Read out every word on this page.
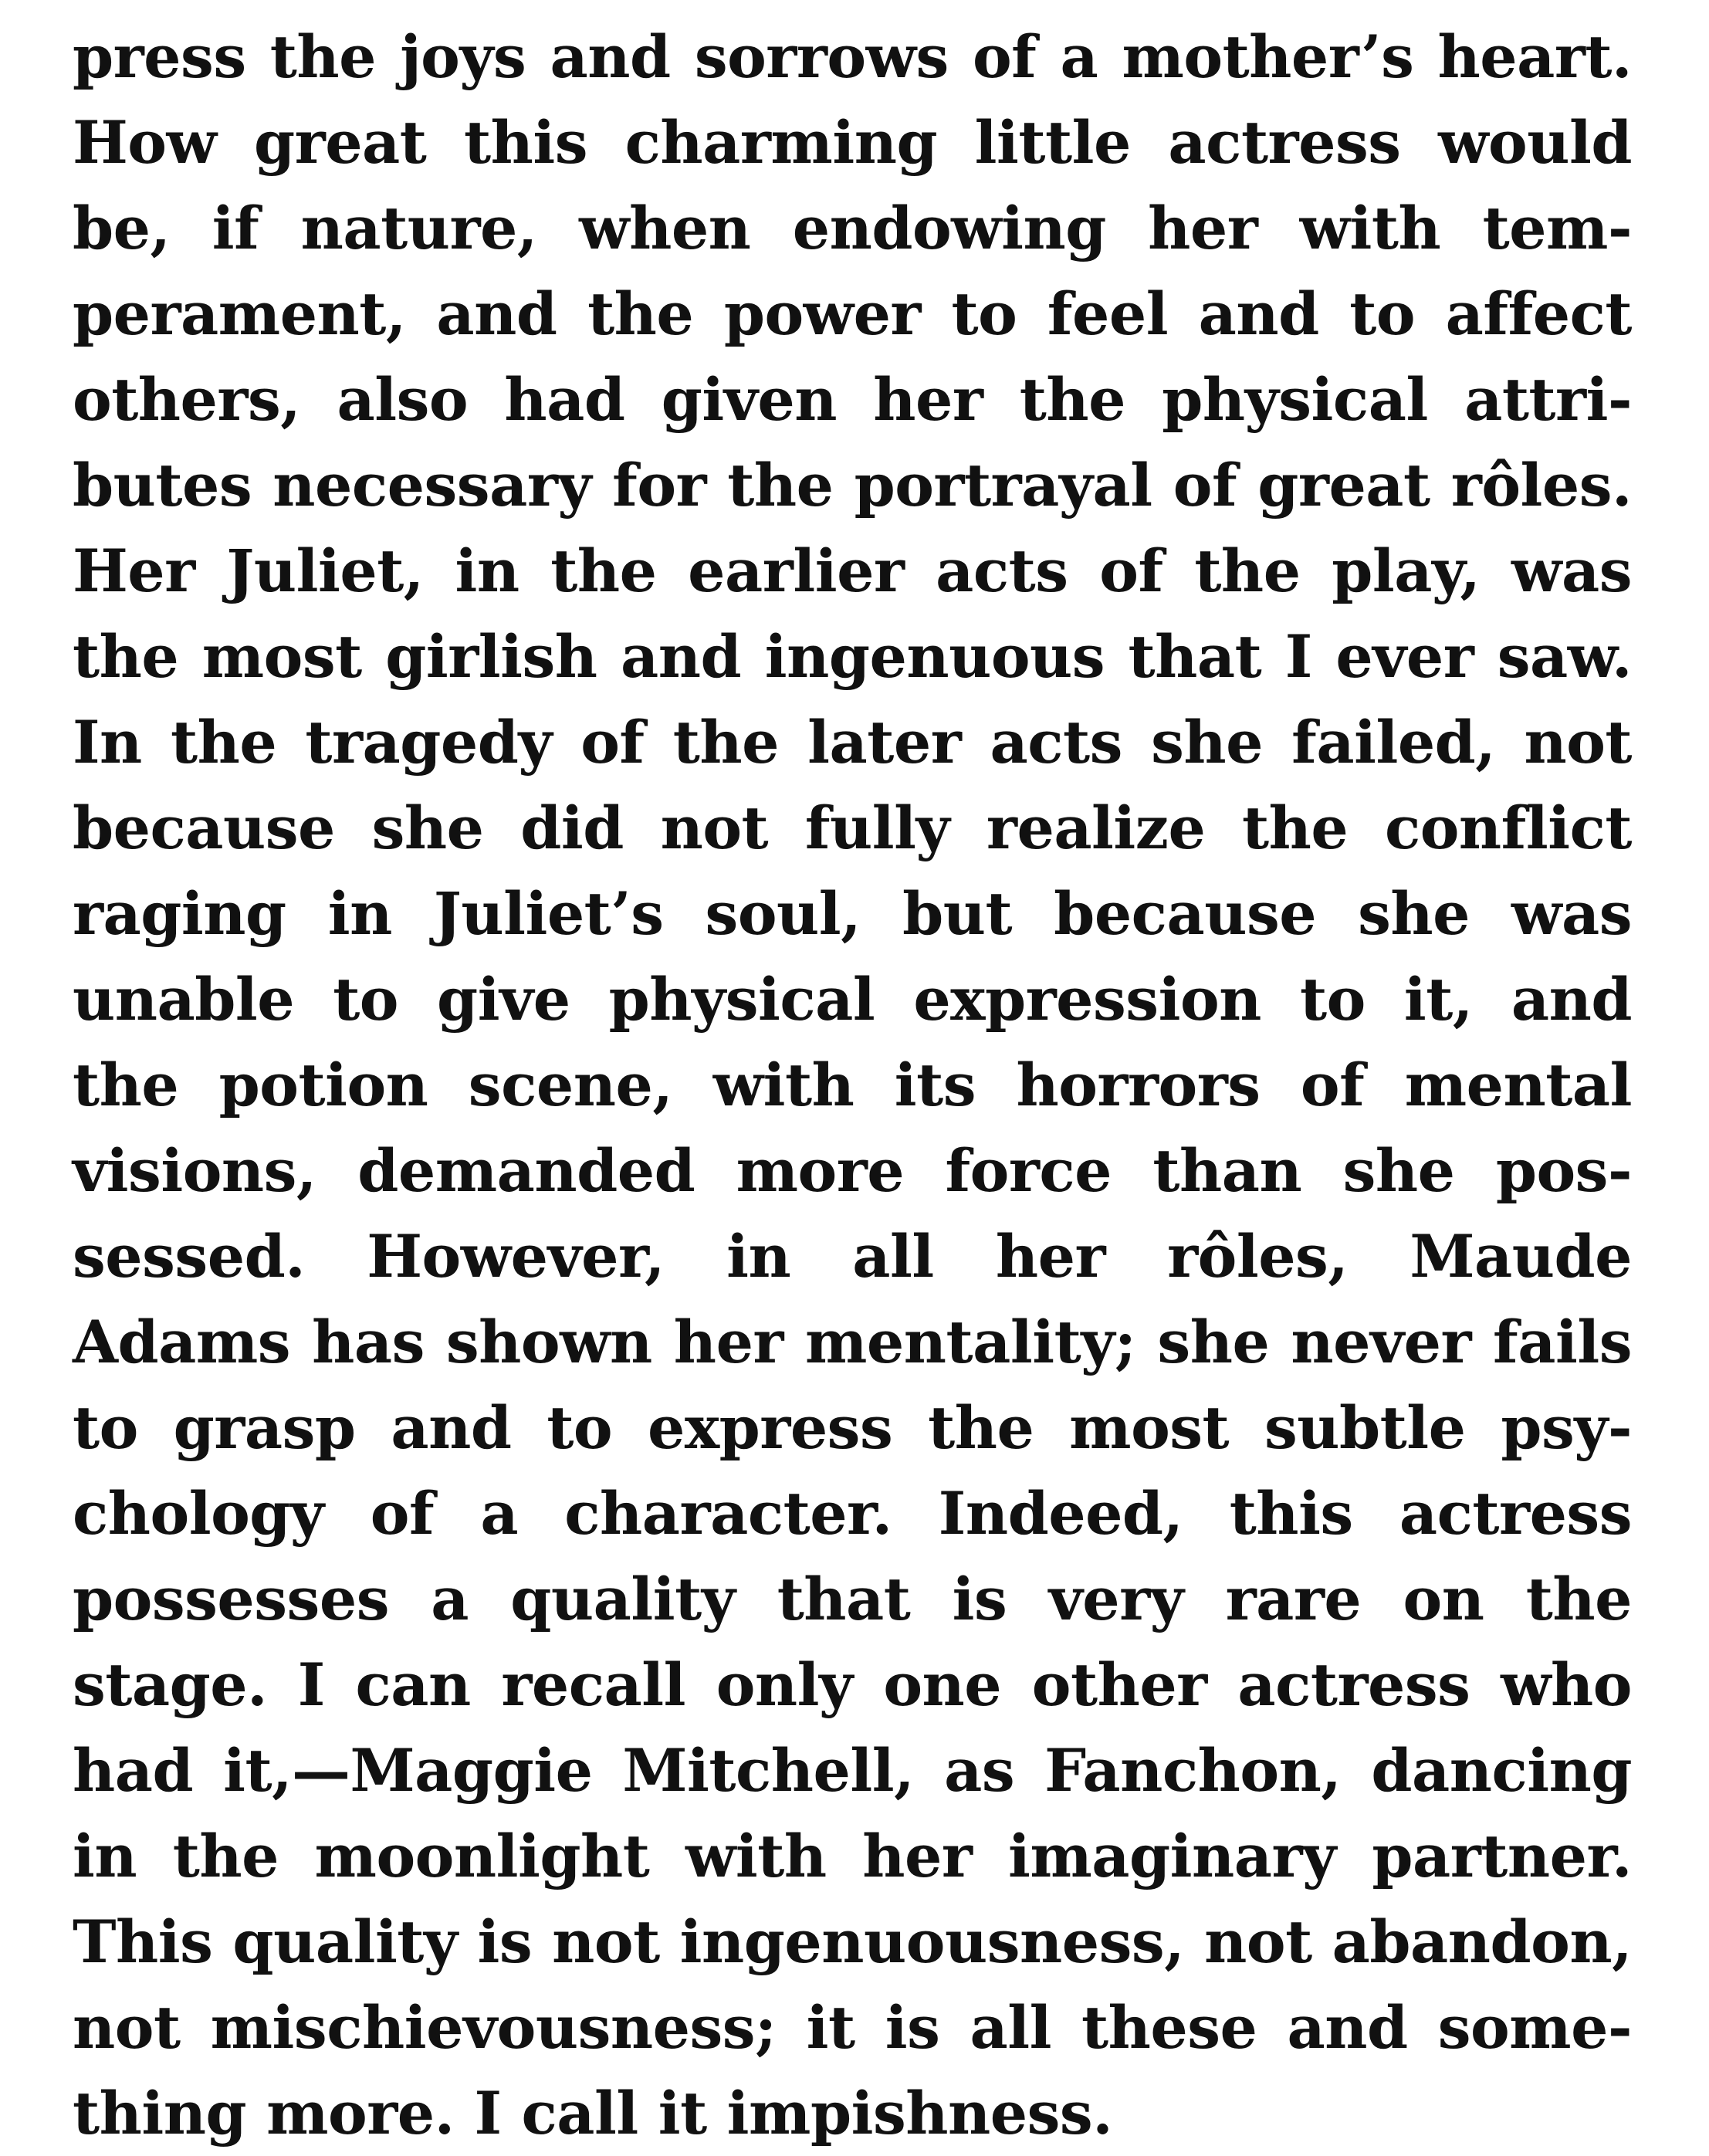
press the joys and sorrows of a mother’s heart.
How great this charming little actress would
be, if nature, when endowing her with tem-
perament, and the power to feel and to affect
others, also had given her the physical attri-
butes necessary for the portrayal of great rôles.
Her Juliet, in the earlier acts of the play, was
the most girlish and ingenuous that I ever saw.
In the tragedy of the later acts she failed, not
because she did not fully realize the conflict
raging in Juliet’s soul, but because she was
unable to give physical expression to it, and
the potion scene, with its horrors of mental
visions, demanded more force than she pos-
sessed. However, in all her rôles, Maude
Adams has shown her mentality; she never fails
to grasp and to express the most subtle psy-
chology of a character. Indeed, this actress
possesses a quality that is very rare on the
stage. I can recall only one other actress who
had it,—Maggie Mitchell, as Fanchon, dancing
in the moonlight with her imaginary partner.
This quality is not ingenuousness, not abandon,
not mischievousness; it is all these and some-
thing more. I call it impishness.
